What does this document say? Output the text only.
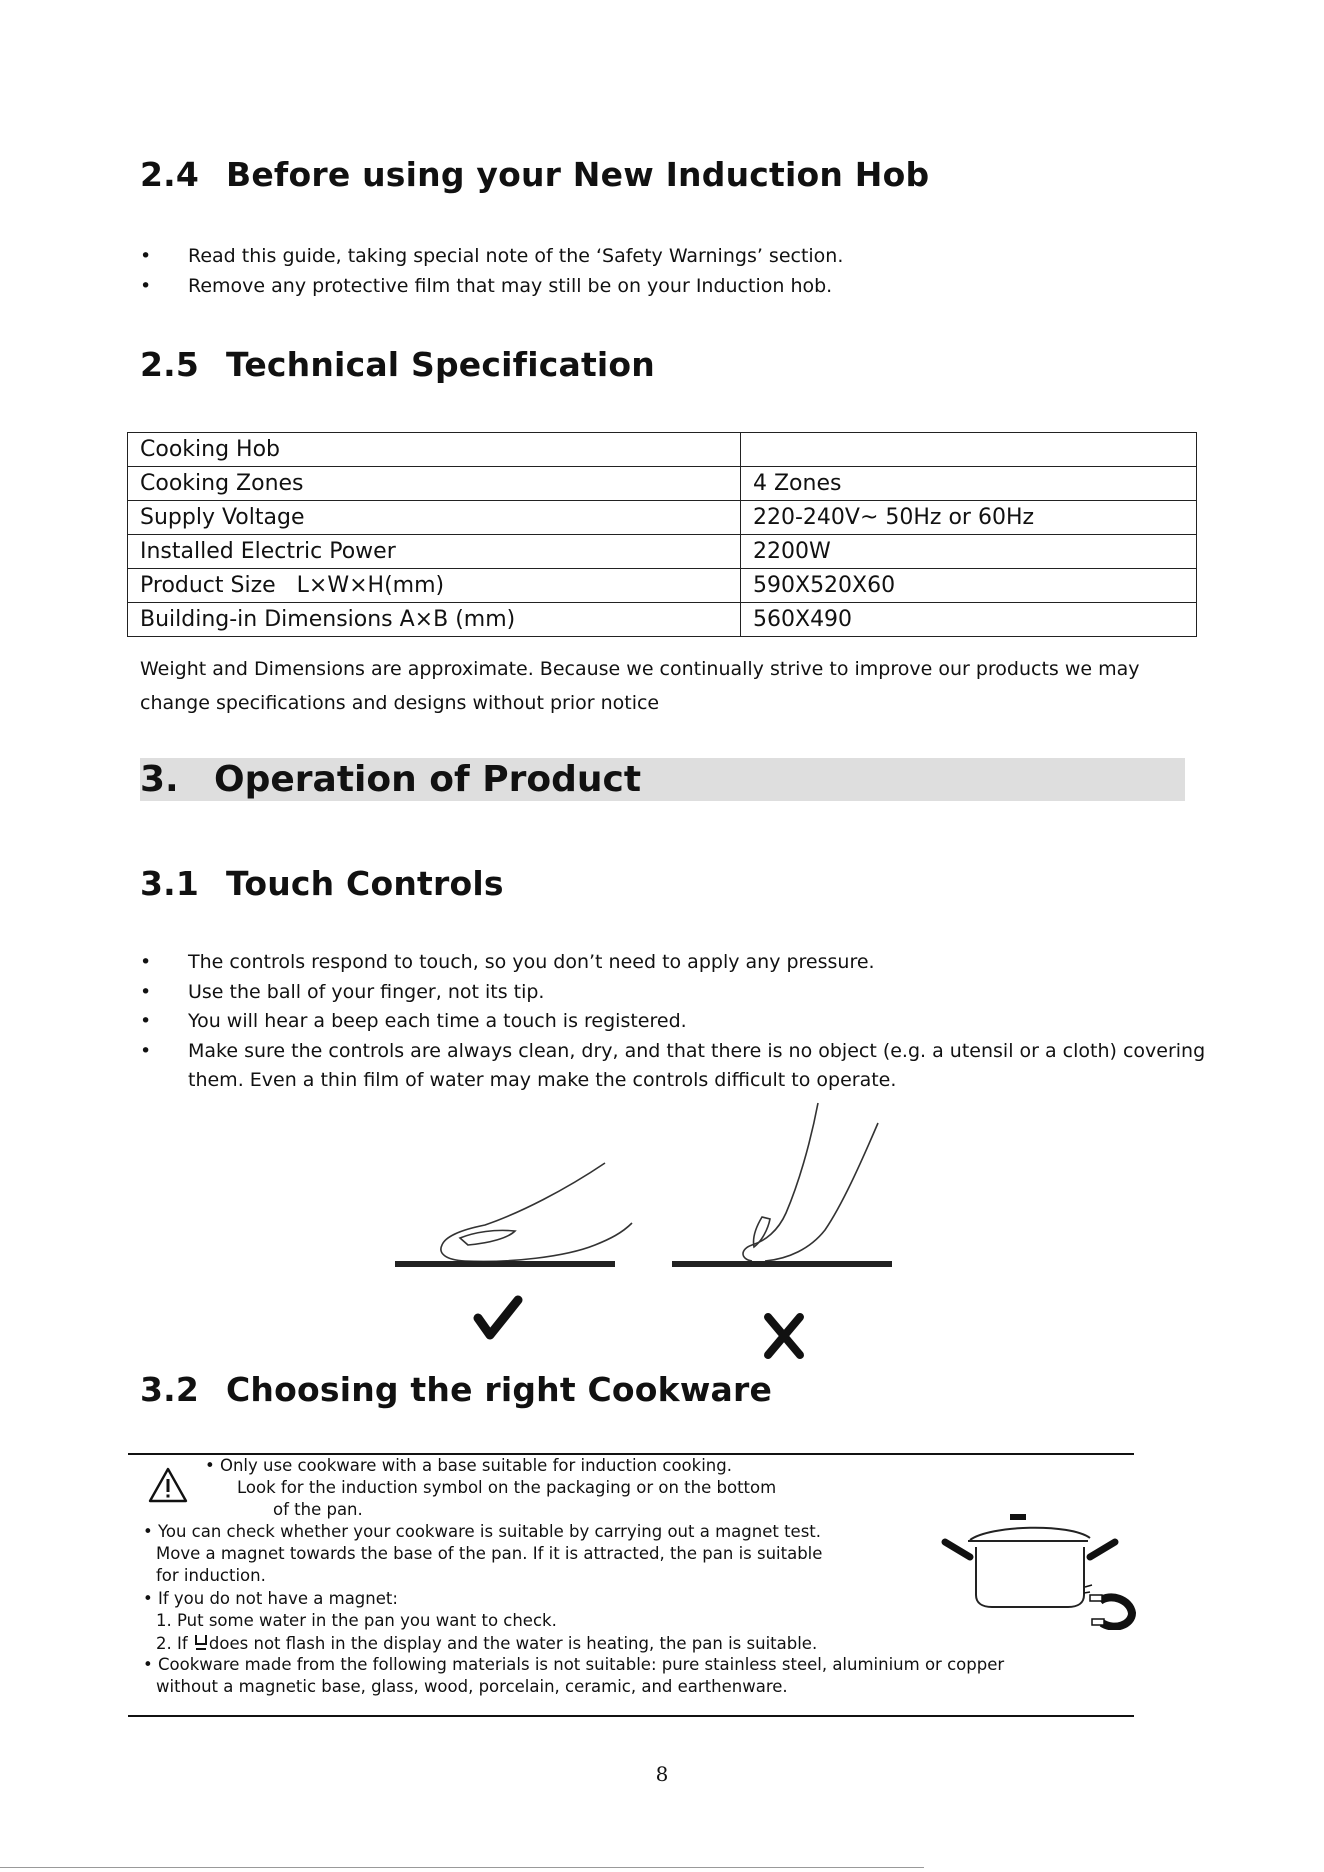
2.4 Before using your New Induction Hob
• Read this guide, taking special note of the ‘Safety Warnings’ section.
• Remove any protective film that may still be on your Induction hob.
2.5 Technical Specification
Cooking Hob	
Cooking Zones	4 Zones
Supply Voltage	220-240V~ 50Hz or 60Hz
Installed Electric Power	2200W
Product Size   L×W×H(mm)	590X520X60
Building-in Dimensions A×B (mm)	560X490
Weight and Dimensions are approximate. Because we continually strive to improve our products we may
change specifications and designs without prior notice
3. Operation of Product
3.1 Touch Controls
• The controls respond to touch, so you don’t need to apply any pressure.
• Use the ball of your finger, not its tip.
• You will hear a beep each time a touch is registered.
• Make sure the controls are always clean, dry, and that there is no object (e.g. a utensil or a cloth) covering them. Even a thin film of water may make the controls difficult to operate.
3.2 Choosing the right Cookware
• Only use cookware with a base suitable for induction cooking.
Look for the induction symbol on the packaging or on the bottom
of the pan.
• You can check whether your cookware is suitable by carrying out a magnet test.
Move a magnet towards the base of the pan. If it is attracted, the pan is suitable
for induction.
• If you do not have a magnet:
1. Put some water in the pan you want to check.
2. If does not flash in the display and the water is heating, the pan is suitable.
• Cookware made from the following materials is not suitable: pure stainless steel, aluminium or copper
without a magnetic base, glass, wood, porcelain, ceramic, and earthenware.
8
